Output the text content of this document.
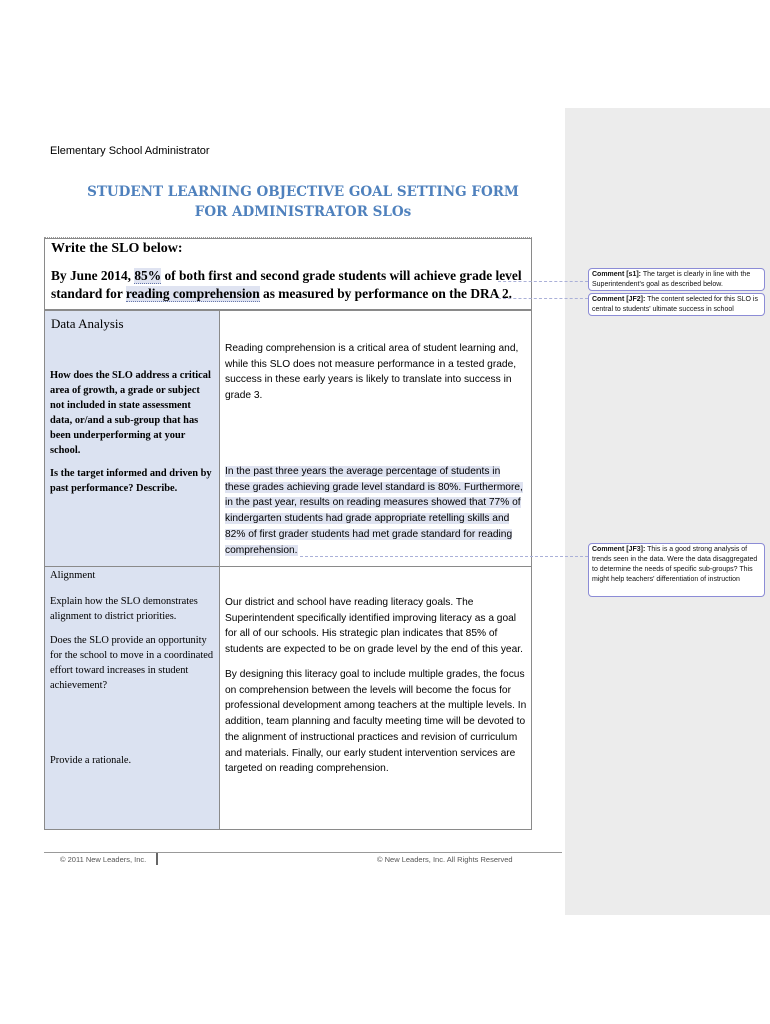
Elementary School Administrator
STUDENT LEARNING OBJECTIVE GOAL SETTING FORM
FOR ADMINISTRATOR SLOs
Write the SLO below:
By June 2014, 85% of both first and second grade students will achieve grade level
standard for reading comprehension as measured by performance on the DRA 2.
Data Analysis
How does the SLO address a critical area of growth, a grade or subject not included in state assessment data, or/and a sub-group that has been underperforming at your school.
Reading comprehension is a critical area of student learning and, while this SLO does not measure performance in a tested grade, success in these early years is likely to translate into success in grade 3.
Is the target informed and driven by past performance? Describe.
In the past three years the average percentage of students in these grades achieving grade level standard is 80%. Furthermore, in the past year, results on reading measures showed that 77% of kindergarten students had grade appropriate retelling skills and 82% of first grader students had met grade standard for reading comprehension.
Alignment
Explain how the SLO demonstrates alignment to district priorities.
Does the SLO provide an opportunity for the school to move in a coordinated effort toward increases in student achievement?
Provide a rationale.
Our district and school have reading literacy goals. The Superintendent specifically identified improving literacy as a goal for all of our schools. His strategic plan indicates that 85% of students are expected to be on grade level by the end of this year.
By designing this literacy goal to include multiple grades, the focus on comprehension between the levels will become the focus for professional development among teachers at the multiple levels. In addition, team planning and faculty meeting time will be devoted to the alignment of instructional practices and revision of curriculum and materials. Finally, our early student intervention services are targeted on reading comprehension.
© 2011 New Leaders, Inc.	© New Leaders, Inc. All Rights Reserved
Comment [s1]: The target is clearly in line with the Superintendent's goal as described below.
Comment [JF2]: The content selected for this SLO is central to students' ultimate success in school
Comment [JF3]: This is a good strong analysis of trends seen in the data. Were the data disaggregated to determine the needs of specific sub-groups? This might help teachers' differentiation of instruction
